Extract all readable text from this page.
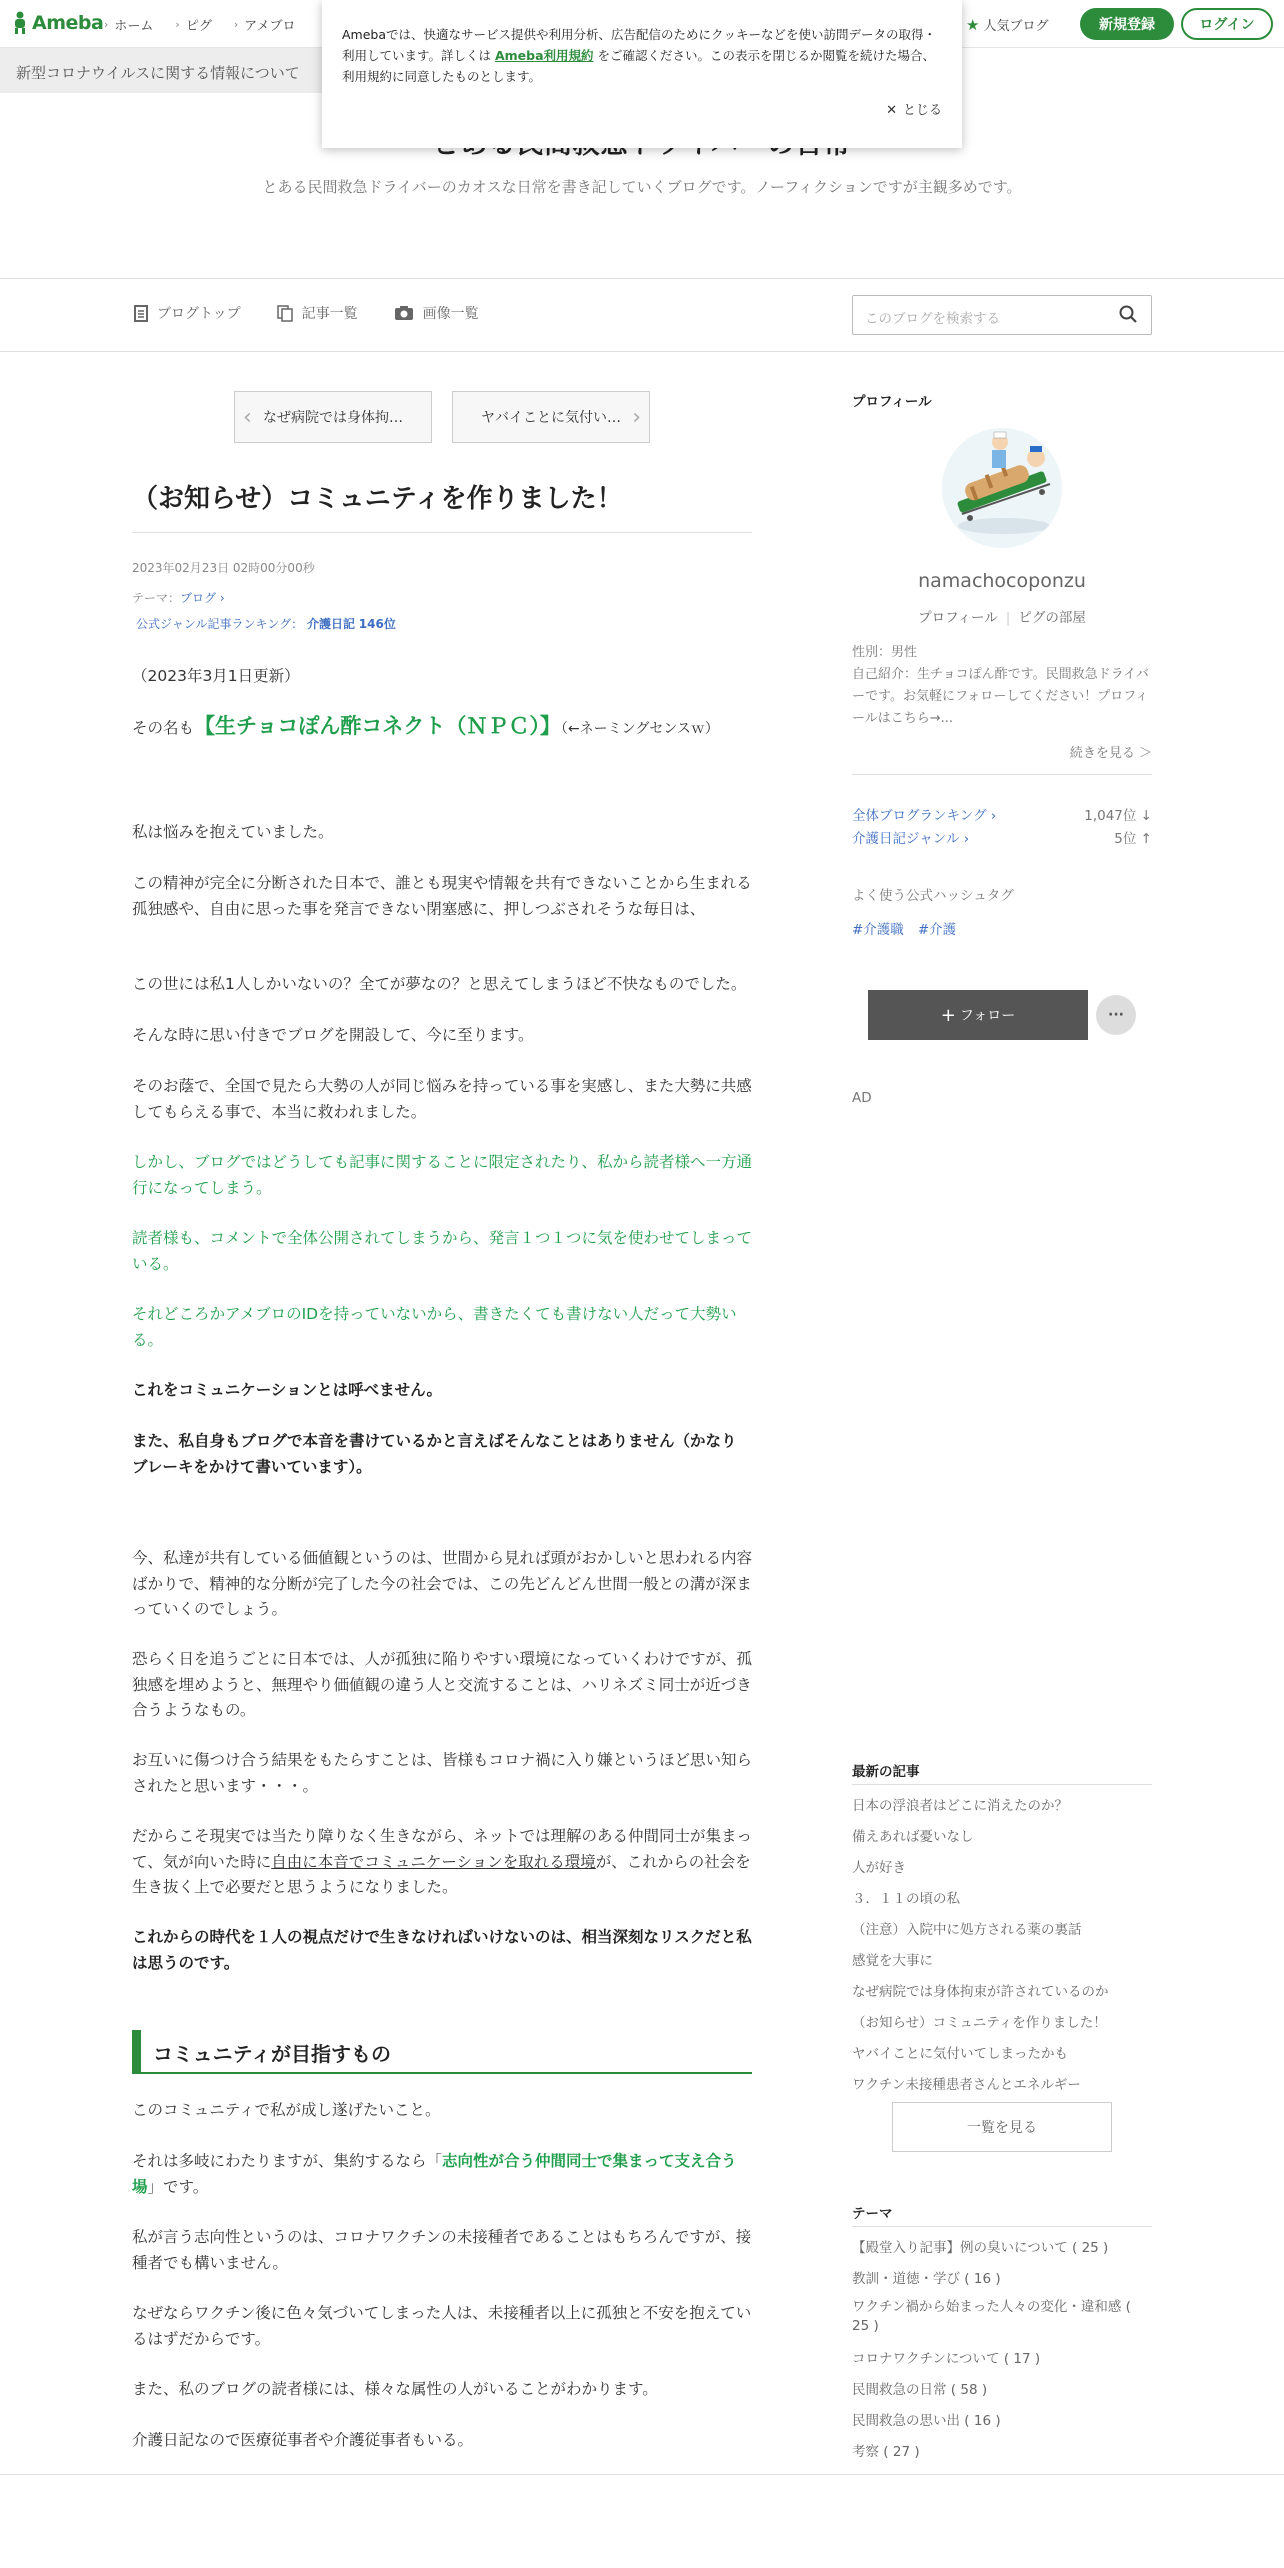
Ameba › ホーム › ピグ › アメブロ	★ 人気ブログ	新規登録	ログイン
新型コロナウイルスに関する情報について
Amebaでは、快適なサービス提供や利用分析、広告配信のためにクッキーなどを使い訪問データの取得・利用しています。詳しくは Ameba利用規約 をご確認ください。この表示を閉じるか閲覧を続けた場合、利用規約に同意したものとします。
✕ とじる
とある民間救急ドライバーのカオスな日常を書き記していくブログです。ノーフィクションですが主観多めです。
ブログトップ	記事一覧	画像一覧	このブログを検索する
‹ なぜ病院では身体拘…	ヤバイことに気付い… ›
（お知らせ）コミュニティを作りました！
2023年02月23日 02時00分00秒
テーマ：ブログ ›
公式ジャンル記事ランキング： 介護日記 146位

（2023年3月1日更新）

その名も【生チョコぽん酢コネクト（ＮＰＣ）】（←ネーミングセンスｗ）

私は悩みを抱えていました。

この精神が完全に分断された日本で、誰とも現実や情報を共有できないことから生まれる孤独感や、自由に思った事を発言できない閉塞感に、押しつぶされそうな毎日は、

この世には私1人しかいないの？全てが夢なの？と思えてしまうほど不快なものでした。

そんな時に思い付きでブログを開設して、今に至ります。

そのお蔭で、全国で見たら大勢の人が同じ悩みを持っている事を実感し、また大勢に共感してもらえる事で、本当に救われました。

しかし、ブログではどうしても記事に関することに限定されたり、私から読者様へ一方通行になってしまう。

読者様も、コメントで全体公開されてしまうから、発言１つ１つに気を使わせてしまっている。

それどころかアメブロのIDを持っていないから、書きたくても書けない人だって大勢いる。

これをコミュニケーションとは呼べません。

また、私自身もブログで本音を書けているかと言えばそんなことはありません（かなりブレーキをかけて書いています）。

今、私達が共有している価値観というのは、世間から見れば頭がおかしいと思われる内容ばかりで、精神的な分断が完了した今の社会では、この先どんどん世間一般との溝が深まっていくのでしょう。

恐らく日を追うごとに日本では、人が孤独に陥りやすい環境になっていくわけですが、孤独感を埋めようと、無理やり価値観の違う人と交流することは、ハリネズミ同士が近づき合うようなもの。

お互いに傷つけ合う結果をもたらすことは、皆様もコロナ禍に入り嫌というほど思い知らされたと思います・・・。

だからこそ現実では当たり障りなく生きながら、ネットでは理解のある仲間同士が集まって、気が向いた時に自由に本音でコミュニケーションを取れる環境が、これからの社会を生き抜く上で必要だと思うようになりました。

これからの時代を１人の視点だけで生きなければいけないのは、相当深刻なリスクだと私は思うのです。

コミュニティが目指すもの

このコミュニティで私が成し遂げたいこと。

それは多岐にわたりますが、集約するなら「志向性が合う仲間同士で集まって支え合う場」です。

私が言う志向性というのは、コロナワクチンの未接種者であることはもちろんですが、接種者でも構いません。

なぜならワクチン後に色々気づいてしまった人は、未接種者以上に孤独と不安を抱えているはずだからです。

また、私のブログの読者様には、様々な属性の人がいることがわかります。

介護日記なので医療従事者や介護従事者もいる。

プロフィール
namachocoponzu
プロフィール | ピグの部屋
性別：男性
自己紹介：生チョコぽん酢です。民間救急ドライバーです。お気軽にフォローしてください！プロフィールはこちら→...
続きを見る ＞
全体ブログランキング ›	1,047位 ↓
介護日記ジャンル ›	5位 ↑
よく使う公式ハッシュタグ
#介護職 #介護
+ フォロー	···
AD
最新の記事
日本の浮浪者はどこに消えたのか？
備えあれば憂いなし
人が好き
３．１１の頃の私
（注意）入院中に処方される薬の裏話
感覚を大事に
なぜ病院では身体拘束が許されているのか
（お知らせ）コミュニティを作りました！
ヤバイことに気付いてしまったかも
ワクチン未接種患者さんとエネルギー
一覧を見る
テーマ
【殿堂入り記事】例の臭いについて ( 25 )
教訓・道徳・学び ( 16 )
ワクチン禍から始まった人々の変化・違和感 ( 25 )
コロナワクチンについて ( 17 )
民間救急の日常 ( 58 )
民間救急の思い出 ( 16 )
考察 ( 27 )
